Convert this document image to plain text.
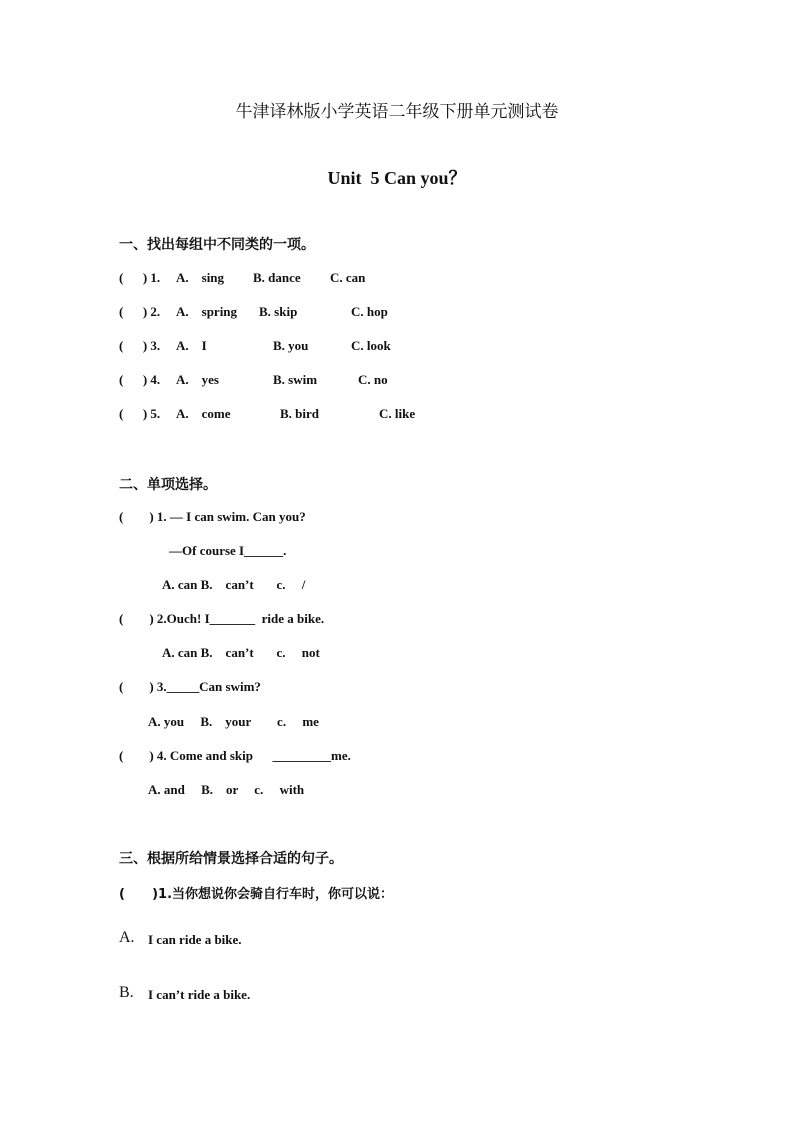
牛津译林版小学英语二年级下册单元测试卷
Unit  5 Can you？
一、找出每组中不同类的一项。
(      ) 1. A.    sing B. dance C. can
(      ) 2. A.    spring B. skip	C. hop
(      ) 3. A.    I	B. you	C. look
(      ) 4. A.    yes	B. swim	C. no
(      ) 5. A.    come	B. bird	C. like
二、单项选择。
(        ) 1. — I can swim. Can you?
—Of course I______.
A. can B.    can’t       c.     /
(        ) 2.Ouch! I_______  ride a bike.
A. can B.    can’t       c.     not
(        ) 3._____Can swim?
A. you     B.    your        c.     me
(        ) 4. Come and skip      _________me.
A. and     B.    or     c.     with
三、根据所给情景选择合适的句子。
(      )1.当你想说你会骑自行车时，你可以说：
A. I can ride a bike.
B. I can’t ride a bike.
